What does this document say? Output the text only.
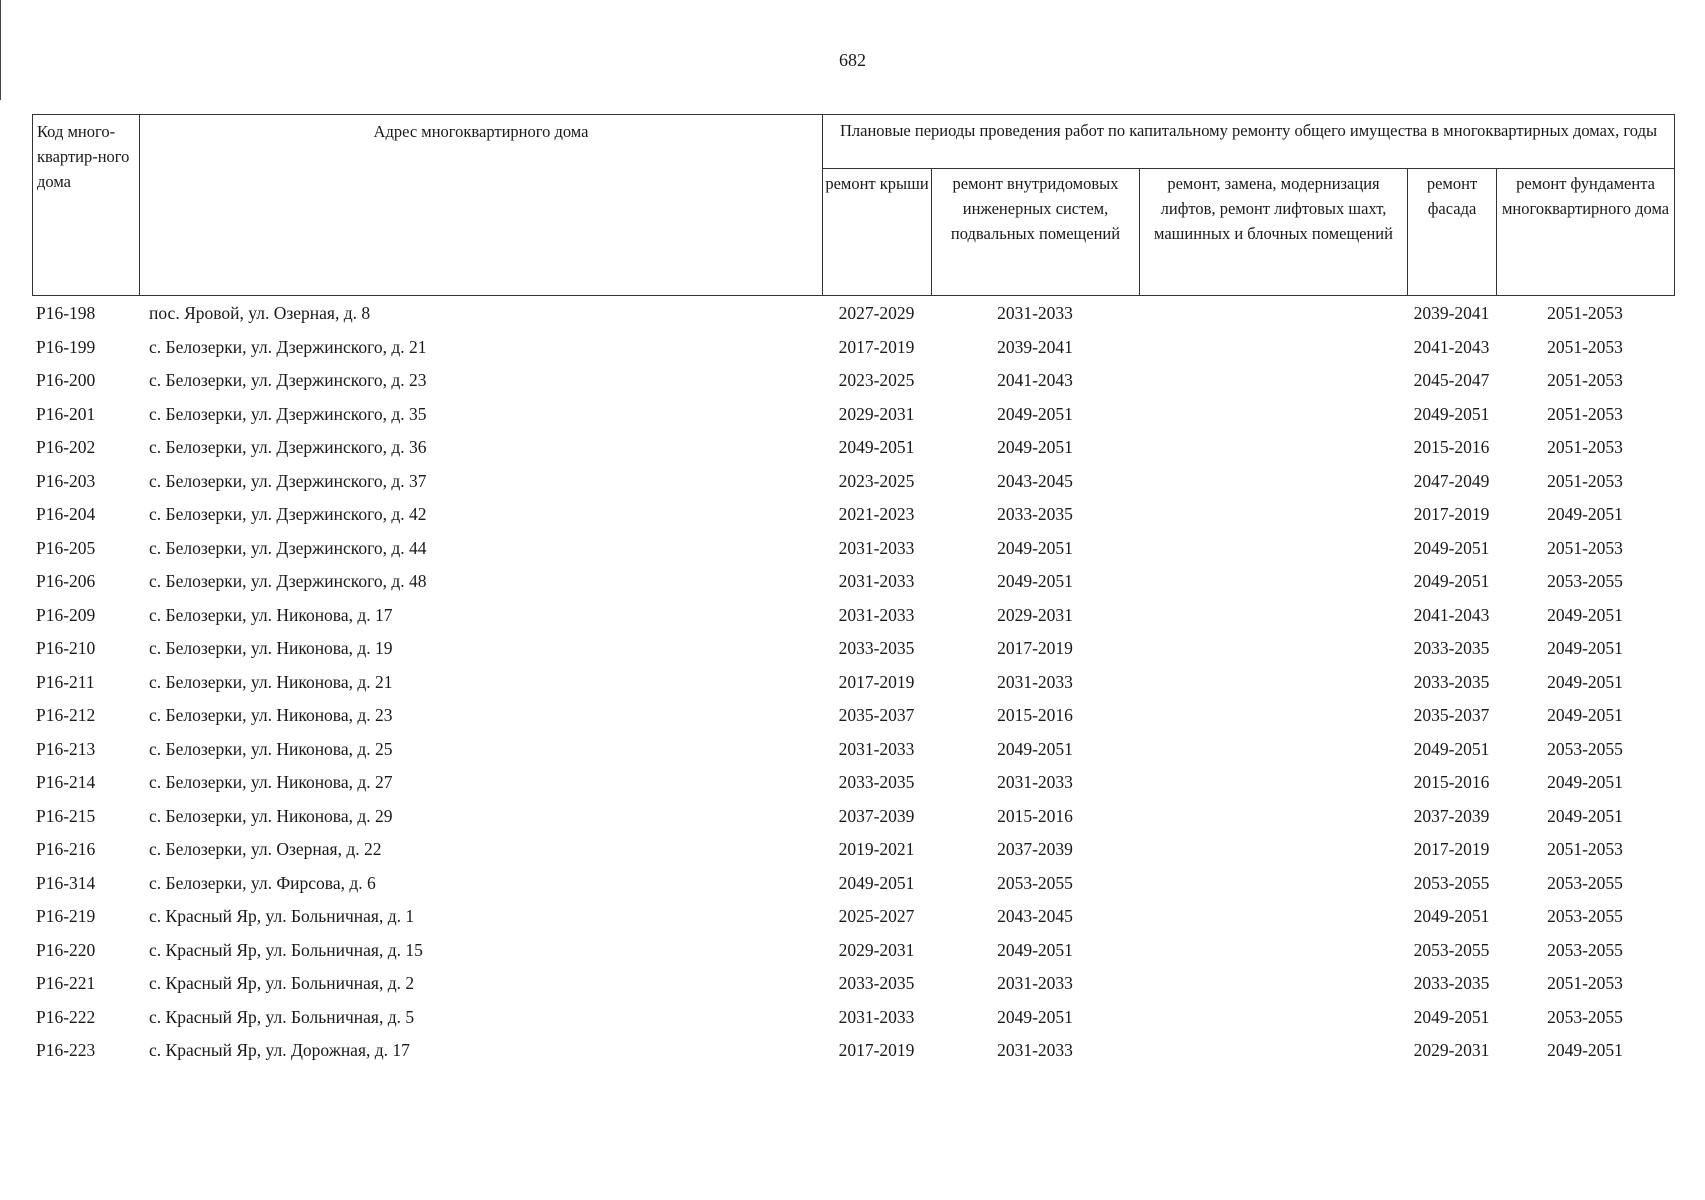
682
Код много-квартир-ного дома	Адрес многоквартирного дома	Плановые периоды проведения работ по капитальному ремонту общего имущества в многоквартирных домах, годы				
		ремонт крыши	ремонт внутридомовых инженерных систем, подвальных помещений	ремонт, замена, модернизация лифтов, ремонт лифтовых шахт, машинных и блочных помещений	ремонт фасада	ремонт фундамента многоквартирного дома
P16-198	пос. Яровой, ул. Озерная, д. 8	2027-2029	2031-2033		2039-2041	2051-2053
P16-199	с. Белозерки, ул. Дзержинского, д. 21	2017-2019	2039-2041		2041-2043	2051-2053
P16-200	с. Белозерки, ул. Дзержинского, д. 23	2023-2025	2041-2043		2045-2047	2051-2053
P16-201	с. Белозерки, ул. Дзержинского, д. 35	2029-2031	2049-2051		2049-2051	2051-2053
P16-202	с. Белозерки, ул. Дзержинского, д. 36	2049-2051	2049-2051		2015-2016	2051-2053
P16-203	с. Белозерки, ул. Дзержинского, д. 37	2023-2025	2043-2045		2047-2049	2051-2053
P16-204	с. Белозерки, ул. Дзержинского, д. 42	2021-2023	2033-2035		2017-2019	2049-2051
P16-205	с. Белозерки, ул. Дзержинского, д. 44	2031-2033	2049-2051		2049-2051	2051-2053
P16-206	с. Белозерки, ул. Дзержинского, д. 48	2031-2033	2049-2051		2049-2051	2053-2055
P16-209	с. Белозерки, ул. Никонова, д. 17	2031-2033	2029-2031		2041-2043	2049-2051
P16-210	с. Белозерки, ул. Никонова, д. 19	2033-2035	2017-2019		2033-2035	2049-2051
P16-211	с. Белозерки, ул. Никонова, д. 21	2017-2019	2031-2033		2033-2035	2049-2051
P16-212	с. Белозерки, ул. Никонова, д. 23	2035-2037	2015-2016		2035-2037	2049-2051
P16-213	с. Белозерки, ул. Никонова, д. 25	2031-2033	2049-2051		2049-2051	2053-2055
P16-214	с. Белозерки, ул. Никонова, д. 27	2033-2035	2031-2033		2015-2016	2049-2051
P16-215	с. Белозерки, ул. Никонова, д. 29	2037-2039	2015-2016		2037-2039	2049-2051
P16-216	с. Белозерки, ул. Озерная, д. 22	2019-2021	2037-2039		2017-2019	2051-2053
P16-314	с. Белозерки, ул. Фирсова, д. 6	2049-2051	2053-2055		2053-2055	2053-2055
P16-219	с. Красный Яр, ул. Больничная, д. 1	2025-2027	2043-2045		2049-2051	2053-2055
P16-220	с. Красный Яр, ул. Больничная, д. 15	2029-2031	2049-2051		2053-2055	2053-2055
P16-221	с. Красный Яр, ул. Больничная, д. 2	2033-2035	2031-2033		2033-2035	2051-2053
P16-222	с. Красный Яр, ул. Больничная, д. 5	2031-2033	2049-2051		2049-2051	2053-2055
P16-223	с. Красный Яр, ул. Дорожная, д. 17	2017-2019	2031-2033		2029-2031	2049-2051
